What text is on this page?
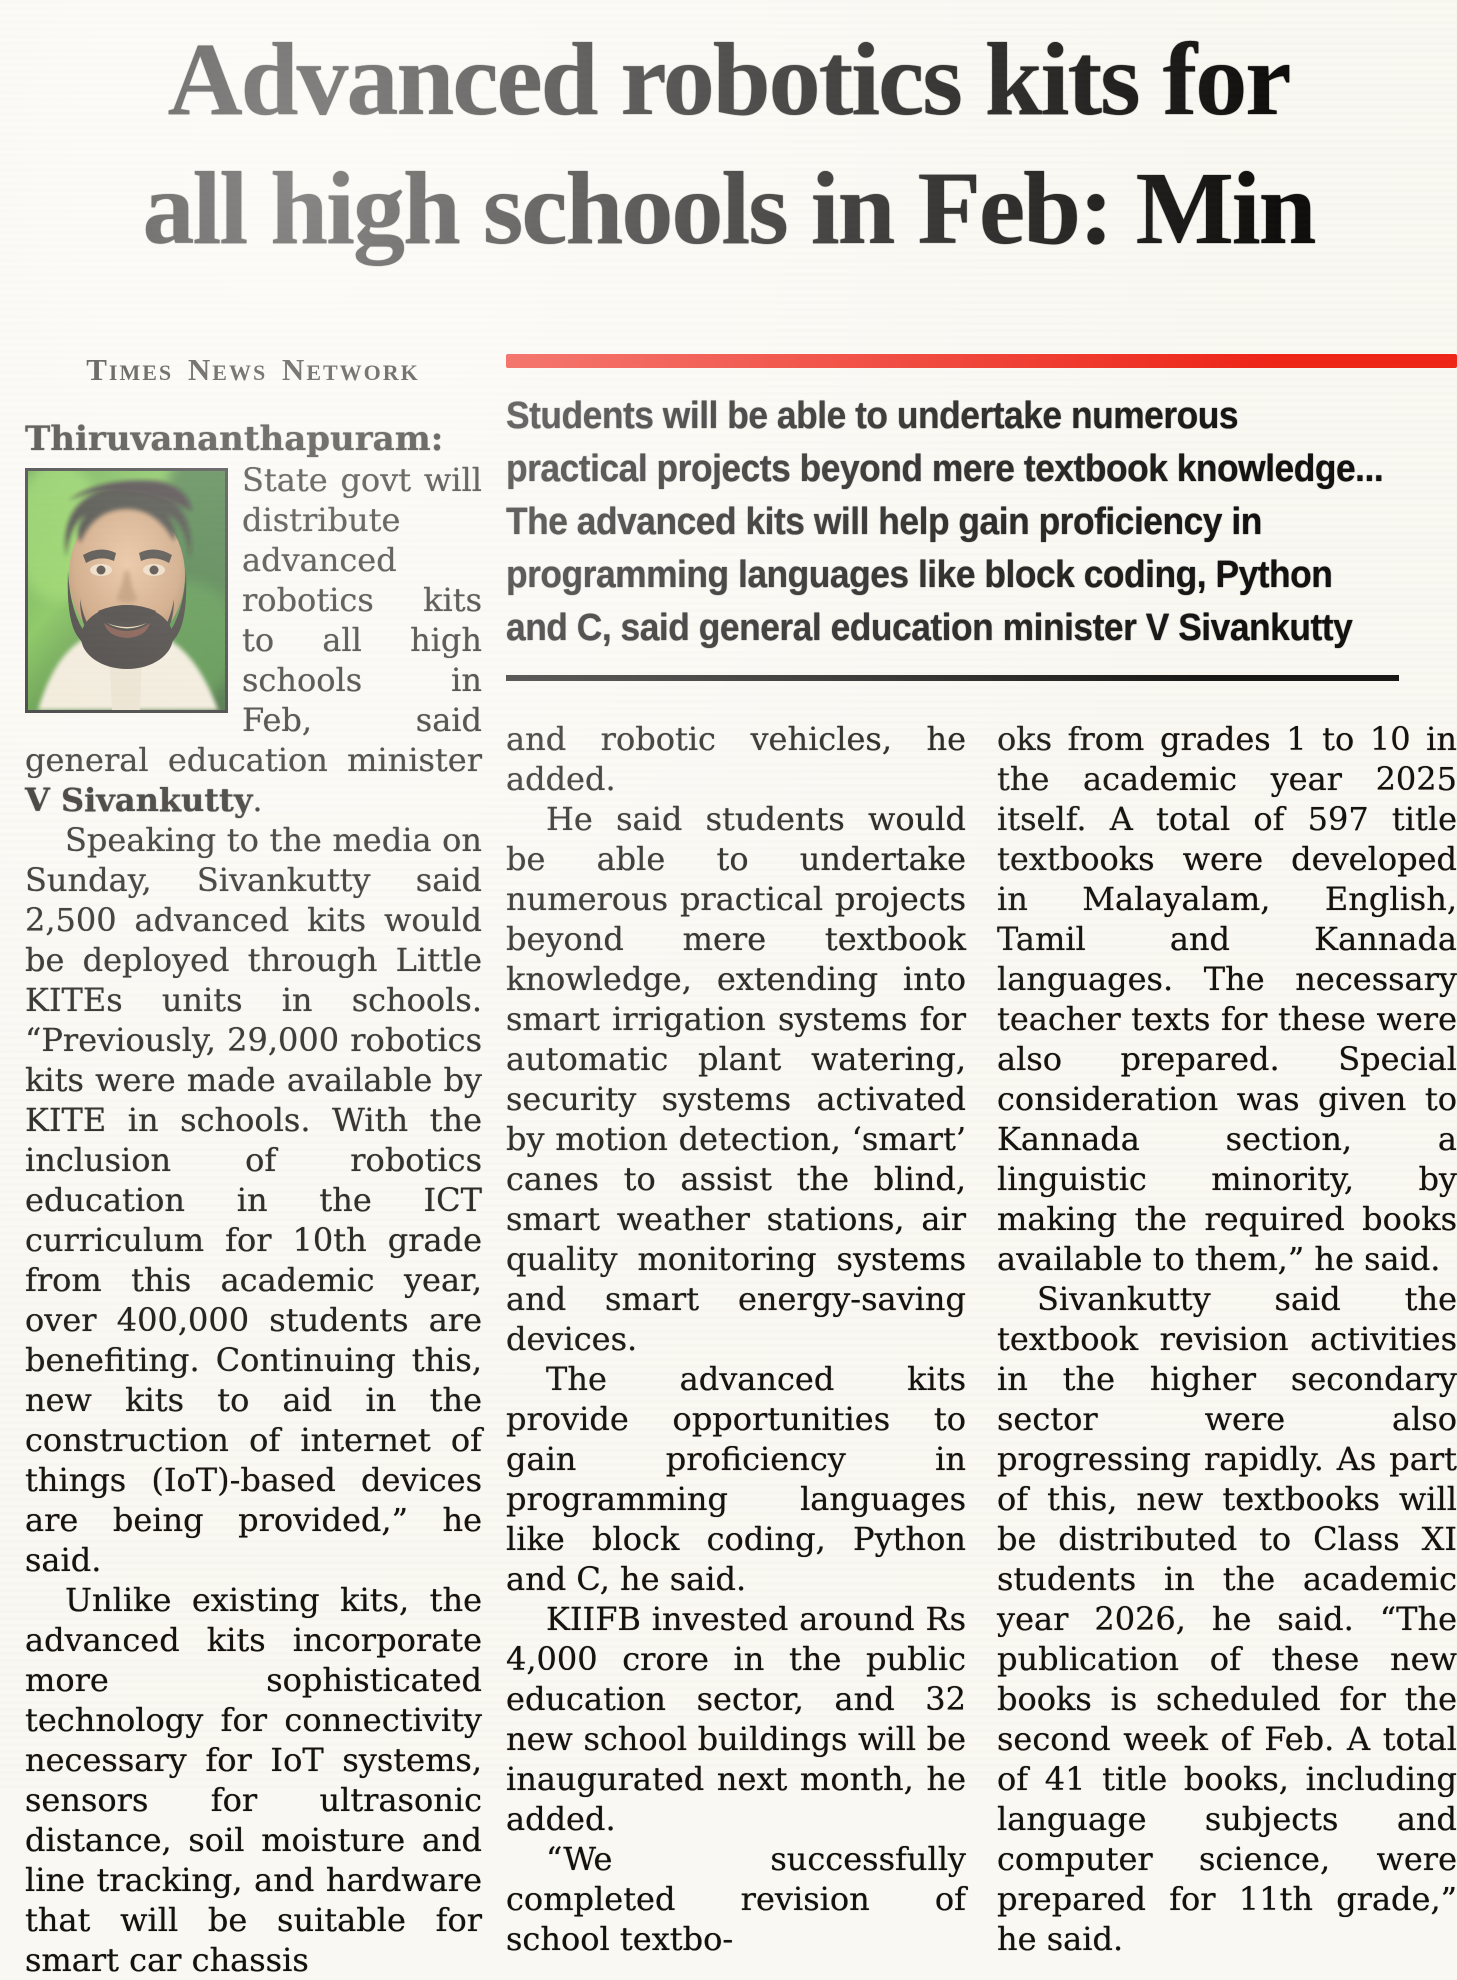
Advanced robotics kits for
all high schools in Feb: Min
Times News Network
Thiruvananthapuram:

State govt will distribute advanced robotics kits to all high schools in Feb, said general education minister V Sivankutty.

Speaking to the media on Sunday, Sivankutty said 2,500 advanced kits would be deployed through Little KITEs units in schools. “Previously, 29,000 robotics kits were made available by KITE in schools. With the inclusion of robotics education in the ICT curriculum for 10th grade from this academic year, over 400,000 students are benefiting. Continuing this, new kits to aid in the construction of internet of things (IoT)-based devices are being provided,” he said.

Unlike existing kits, the advanced kits incorporate more sophisticated technology for connectivity necessary for IoT systems, sensors for ultrasonic distance, soil moisture and line tracking, and hardware that will be suitable for smart car chassis

Students will be able to undertake numerous
practical projects beyond mere textbook knowledge...
The advanced kits will help gain proficiency in
programming languages like block coding, Python
and C, said general education minister V Sivankutty

and robotic vehicles, he added.

He said students would be able to undertake numerous practical projects beyond mere textbook knowledge, extending into smart irrigation systems for automatic plant watering, security systems activated by motion detection, ‘smart’ canes to assist the blind, smart weather stations, air quality monitoring systems and smart energy-saving devices.

The advanced kits provide opportunities to gain proficiency in programming languages like block coding, Python and C, he said.

KIIFB invested around Rs 4,000 crore in the public education sector, and 32 new school buildings will be inaugurated next month, he added.

“We successfully completed revision of school textbo-

oks from grades 1 to 10 in the academic year 2025 itself. A total of 597 title textbooks were developed in Malayalam, English, Tamil and Kannada languages. The necessary teacher texts for these were also prepared. Special consideration was given to Kannada section, a linguistic minority, by making the required books available to them,” he said.

Sivankutty said the textbook revision activities in the higher secondary sector were also progressing rapidly. As part of this, new textbooks will be distributed to Class XI students in the academic year 2026, he said. “The publication of these new books is scheduled for the second week of Feb. A total of 41 title books, including language subjects and computer science, were prepared for 11th grade,” he said.
